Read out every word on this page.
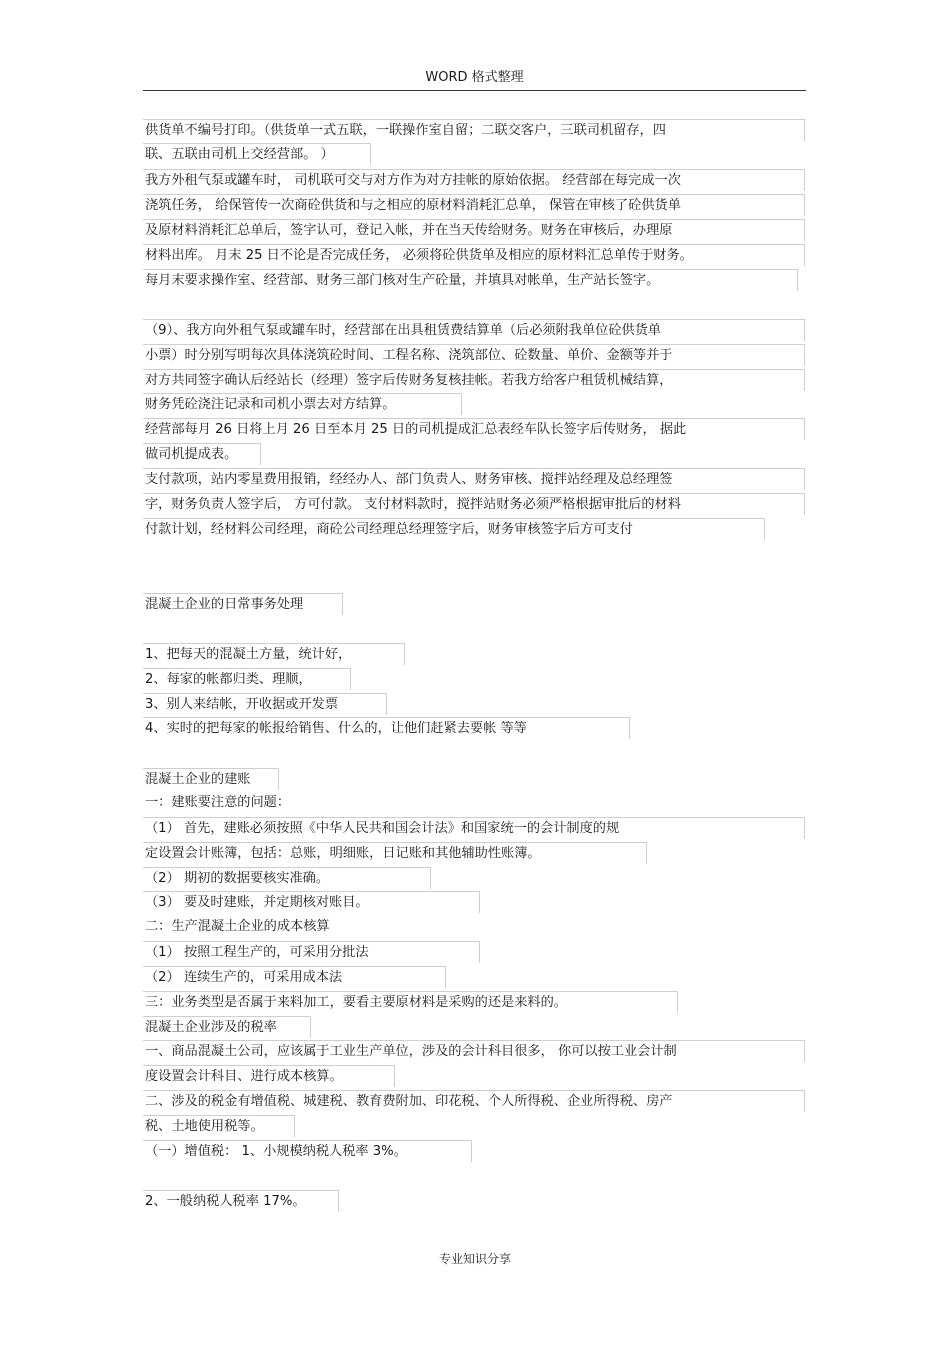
WORD 格式整理
供货单不编号打印。（供货单一式五联，一联操作室自留；二联交客户，三联司机留存，四
联、五联由司机上交经营部。 ）
我方外租气泵或罐车时， 司机联可交与对方作为对方挂帐的原始依据。 经营部在每完成一次
浇筑任务， 给保管传一次商砼供货和与之相应的原材料消耗汇总单， 保管在审核了砼供货单
及原材料消耗汇总单后，签字认可，登记入帐，并在当天传给财务。财务在审核后，办理原
材料出库。 月末 25 日不论是否完成任务， 必须将砼供货单及相应的原材料汇总单传于财务。
每月末要求操作室、经营部、财务三部门核对生产砼量，并填具对帐单，生产站长签字。
（9）、我方向外租气泵或罐车时，经营部在出具租赁费结算单（后必须附我单位砼供货单
小票）时分别写明每次具体浇筑砼时间、工程名称、浇筑部位、砼数量、单价、金额等并于
对方共同签字确认后经站长（经理）签字后传财务复核挂帐。若我方给客户租赁机械结算，
财务凭砼浇注记录和司机小票去对方结算。
经营部每月 26 日将上月 26 日至本月 25 日的司机提成汇总表经车队长签字后传财务， 据此
做司机提成表。
支付款项，站内零星费用报销，经经办人、部门负责人、财务审核、搅拌站经理及总经理签
字，财务负责人签字后， 方可付款。 支付材料款时，搅拌站财务必须严格根据审批后的材料
付款计划，经材料公司经理，商砼公司经理总经理签字后，财务审核签字后方可支付
混凝土企业的日常事务处理
1、把每天的混凝土方量，统计好，
2、每家的帐都归类、理顺，
3、别人来结帐，开收据或开发票
4、实时的把每家的帐报给销售、什么的，让他们赶紧去要帐 等等
混凝土企业的建账
一：建账要注意的问题：
（1） 首先，建账必须按照《中华人民共和国会计法》和国家统一的会计制度的规
定设置会计账簿，包括：总账，明细账，日记账和其他辅助性账簿。
（2） 期初的数据要核实准确。
（3） 要及时建账，并定期核对账目。
二：生产混凝土企业的成本核算
（1） 按照工程生产的，可采用分批法
（2） 连续生产的，可采用成本法
三：业务类型是否属于来料加工，要看主要原材料是采购的还是来料的。
混凝土企业涉及的税率
一、商品混凝土公司，应该属于工业生产单位，涉及的会计科目很多， 你可以按工业会计制
度设置会计科目、进行成本核算。
二、涉及的税金有增值税、城建税、教育费附加、印花税、个人所得税、企业所得税、房产
税、土地使用税等。
（一）增值税： 1、小规模纳税人税率 3%。
2、一般纳税人税率 17%。
专业知识分享
